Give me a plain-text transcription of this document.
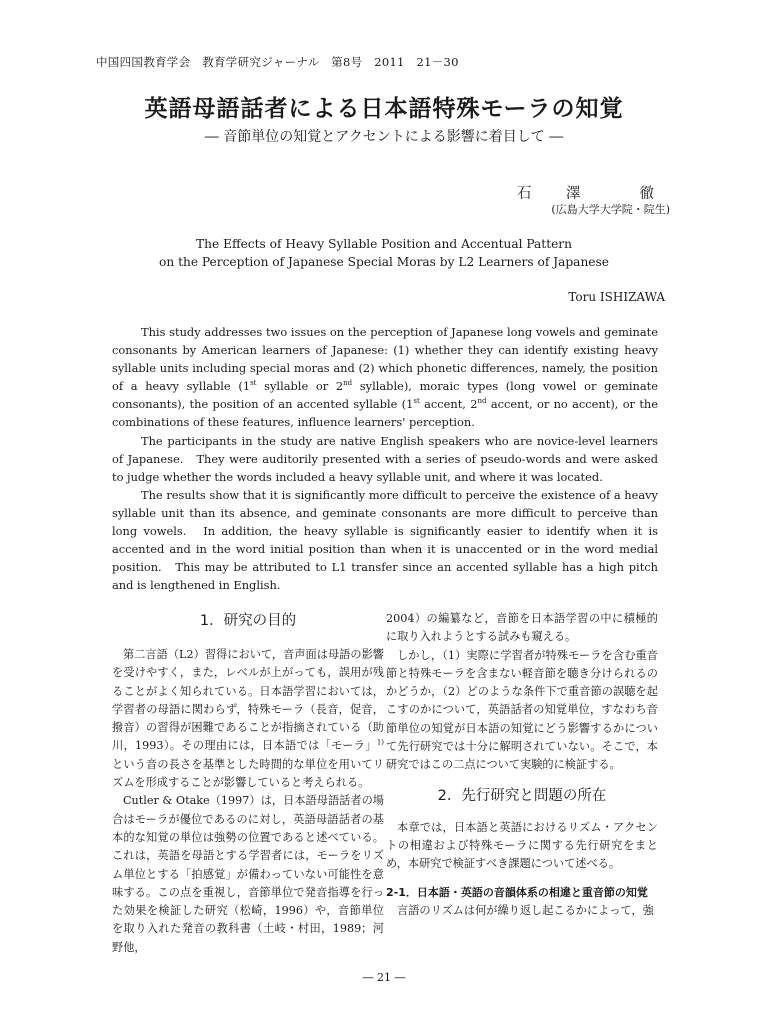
中国四国教育学会　教育学研究ジャーナル　第8号　2011　21－30
英語母語話者による日本語特殊モーラの知覚
― 音節単位の知覚とアクセントによる影響に着目して ―
石　澤　　徹
(広島大学大学院・院生)
The Effects of Heavy Syllable Position and Accentual Pattern
on the Perception of Japanese Special Moras by L2 Learners of Japanese
Toru ISHIZAWA

This study addresses two issues on the perception of Japanese long vowels and geminate consonants by American learners of Japanese: (1) whether they can identify existing heavy syllable units including special moras and (2) which phonetic differences, namely, the position of a heavy syllable (1st syllable or 2nd syllable), moraic types (long vowel or geminate consonants), the position of an accented syllable (1st accent, 2nd accent, or no accent), or the combinations of these features, influence learners' perception.

The participants in the study are native English speakers who are novice-level learners of Japanese.　They were auditorily presented with a series of pseudo-words and were asked to judge whether the words included a heavy syllable unit, and where it was located.

The results show that it is significantly more difficult to perceive the existence of a heavy syllable unit than its absence, and geminate consonants are more difficult to perceive than long vowels.　In addition, the heavy syllable is significantly easier to identify when it is accented and in the word initial position than when it is unaccented or in the word medial position.　This may be attributed to L1 transfer since an accented syllable has a high pitch and is lengthened in English.

1．研究の目的

第二言語（L2）習得において，音声面は母語の影響を受けやすく，また，レベルが上がっても，誤用が残ることがよく知られている。日本語学習においては，学習者の母語に関わらず，特殊モーラ（長音，促音，撥音）の習得が困難であることが指摘されている（助川，1993）。その理由には，日本語では「モーラ」$^{1)}$という音の長さを基準とした時間的な単位を用いてリズムを形成することが影響していると考えられる。

Cutler & Otake（1997）は，日本語母語話者の場合はモーラが優位であるのに対し，英語母語話者の基本的な知覚の単位は強勢の位置であると述べている。これは，英語を母語とする学習者には，モーラをリズム単位とする「拍感覚」が備わっていない可能性を意味する。この点を重視し，音節単位で発音指導を行った効果を検証した研究（松崎，1996）や，音節単位を取り入れた発音の教科書（土岐・村田，1989；河野他，

2004）の編纂など，音節を日本語学習の中に積極的に取り入れようとする試みも窺える。

しかし，（1）実際に学習者が特殊モーラを含む重音節と特殊モーラを含まない軽音節を聴き分けられるのかどうか，（2）どのような条件下で重音節の誤聴を起こすのかについて，英語話者の知覚単位，すなわち音節単位の知覚が日本語の知覚にどう影響するかについて先行研究では十分に解明されていない。そこで，本研究ではこの二点について実験的に検証する。

2．先行研究と問題の所在

本章では，日本語と英語におけるリズム・アクセントの相違および特殊モーラに関する先行研究をまとめ，本研究で検証すべき課題について述べる。

2-1．日本語・英語の音韻体系の相違と重音節の知覚

言語のリズムは何が繰り返し起こるかによって，強

― 21 ―
